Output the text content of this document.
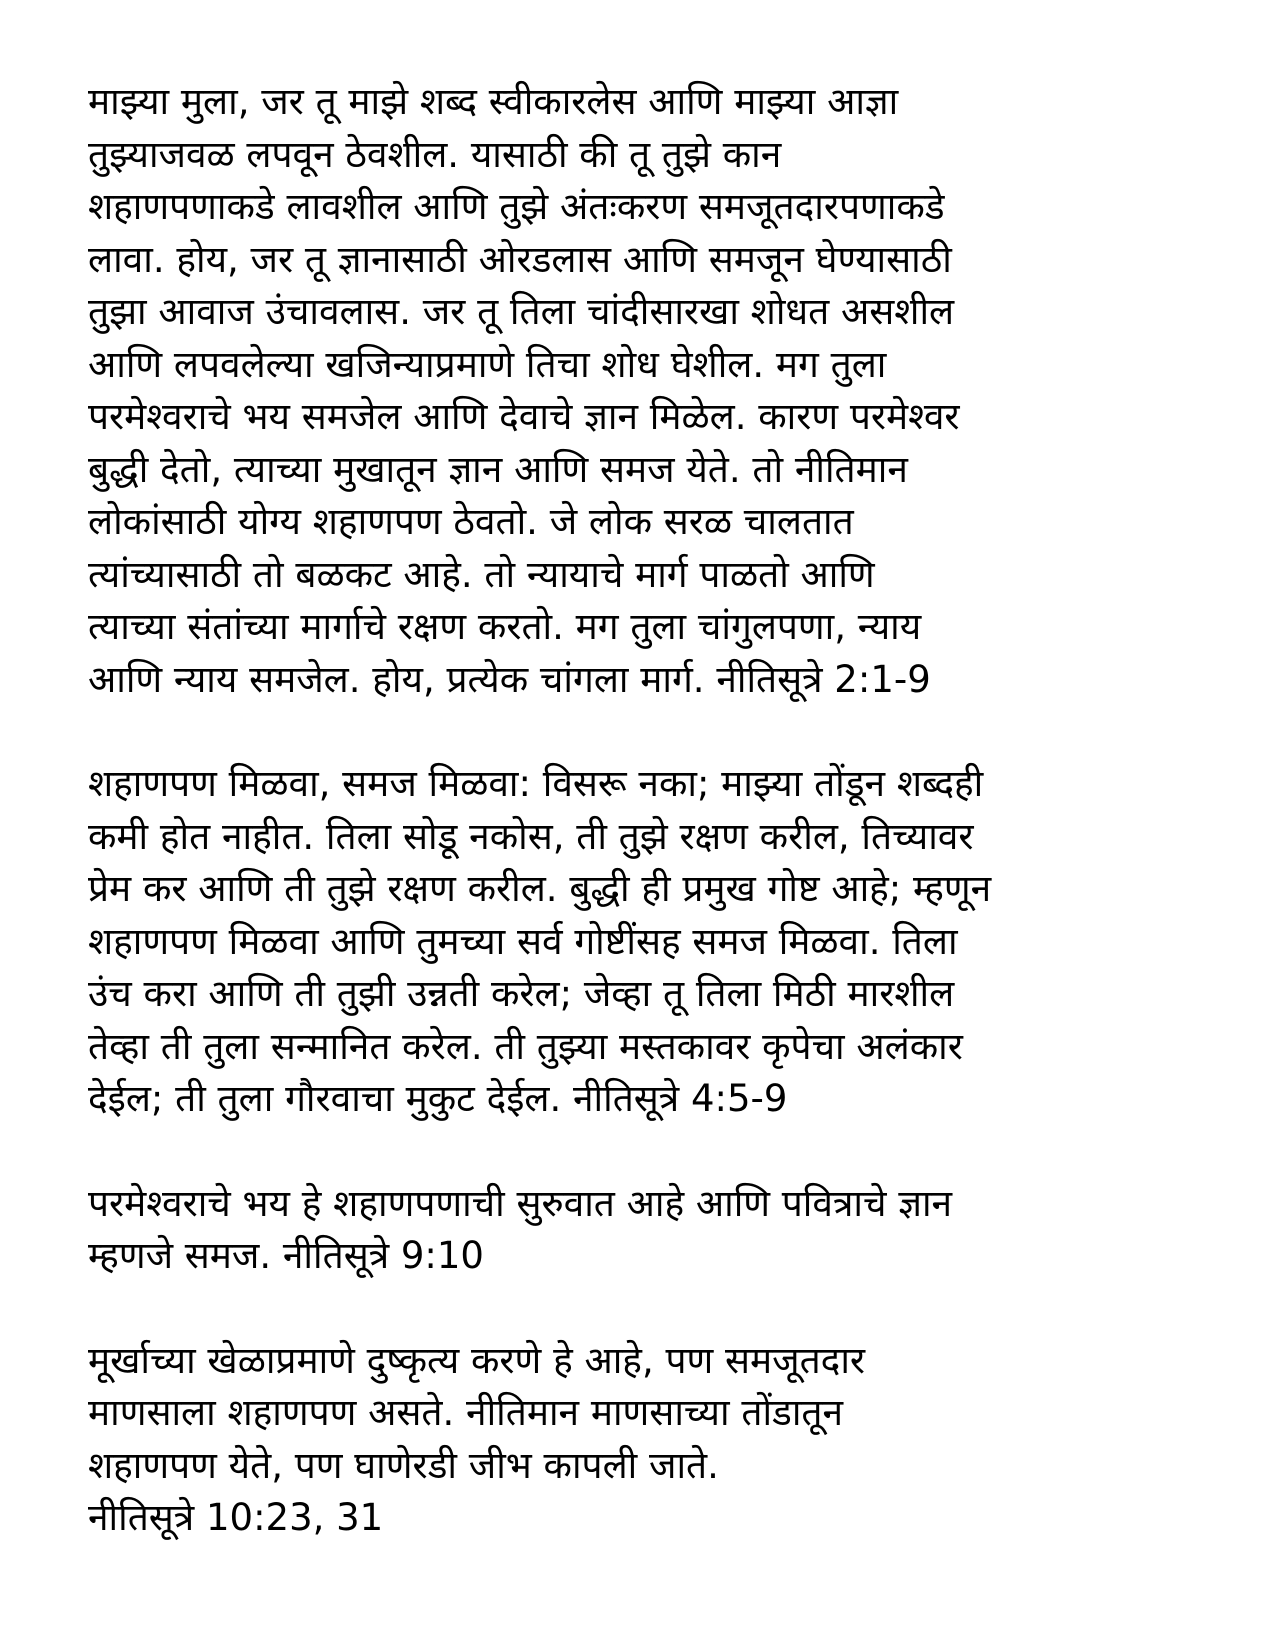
माझ्या मुला, जर तू माझे शब्द स्वीकारलेस आणि माझ्या आज्ञा
तुझ्याजवळ लपवून ठेवशील. यासाठी की तू तुझे कान
शहाणपणाकडे लावशील आणि तुझे अंतःकरण समजूतदारपणाकडे
लावा. होय, जर तू ज्ञानासाठी ओरडलास आणि समजून घेण्यासाठी
तुझा आवाज उंचावलास. जर तू तिला चांदीसारखा शोधत असशील
आणि लपवलेल्या खजिन्याप्रमाणे तिचा शोध घेशील. मग तुला
परमेश्वराचे भय समजेल आणि देवाचे ज्ञान मिळेल. कारण परमेश्वर
बुद्धी देतो, त्याच्या मुखातून ज्ञान आणि समज येते. तो नीतिमान
लोकांसाठी योग्य शहाणपण ठेवतो. जे लोक सरळ चालतात
त्यांच्यासाठी तो बळकट आहे. तो न्यायाचे मार्ग पाळतो आणि
त्याच्या संतांच्या मार्गाचे रक्षण करतो. मग तुला चांगुलपणा, न्याय
आणि न्याय समजेल. होय, प्रत्येक चांगला मार्ग. नीतिसूत्रे 2:1-9

शहाणपण मिळवा, समज मिळवा: विसरू नका; माझ्या तोंडून शब्दही
कमी होत नाहीत. तिला सोडू नकोस, ती तुझे रक्षण करील, तिच्यावर
प्रेम कर आणि ती तुझे रक्षण करील. बुद्धी ही प्रमुख गोष्ट आहे; म्हणून
शहाणपण मिळवा आणि तुमच्या सर्व गोष्टींसह समज मिळवा. तिला
उंच करा आणि ती तुझी उन्नती करेल; जेव्हा तू तिला मिठी मारशील
तेव्हा ती तुला सन्मानित करेल. ती तुझ्या मस्तकावर कृपेचा अलंकार
देईल; ती तुला गौरवाचा मुकुट देईल. नीतिसूत्रे 4:5-9

परमेश्वराचे भय हे शहाणपणाची सुरुवात आहे आणि पवित्राचे ज्ञान
म्हणजे समज. नीतिसूत्रे 9:10

मूर्खाच्या खेळाप्रमाणे दुष्कृत्य करणे हे आहे, पण समजूतदार
माणसाला शहाणपण असते. नीतिमान माणसाच्या तोंडातून
शहाणपण येते, पण घाणेरडी जीभ कापली जाते.
नीतिसूत्रे 10:23, 31
